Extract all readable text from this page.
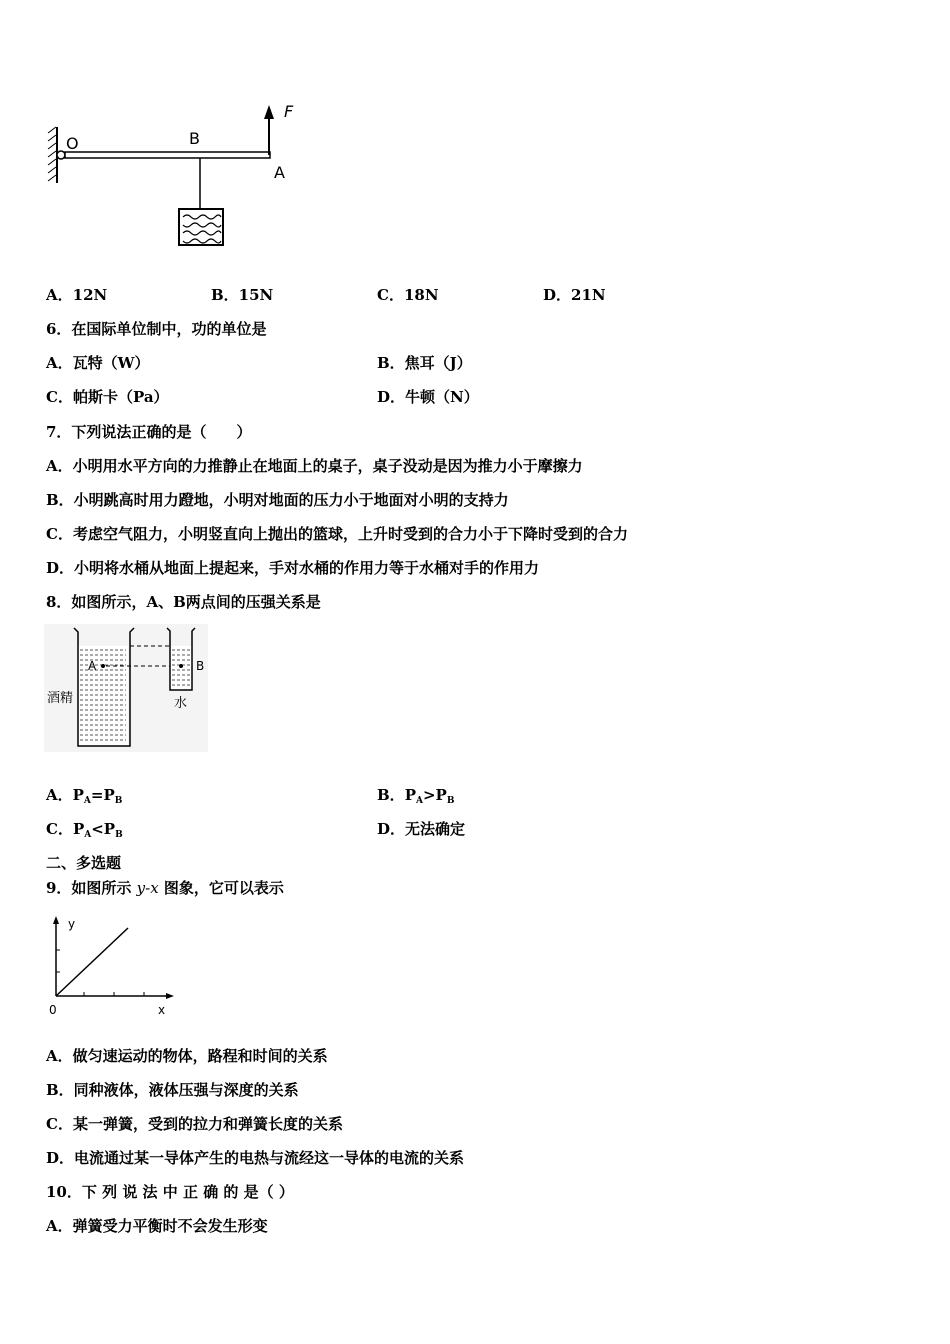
O	B
A
F
A．12N	B．15N	C．18N	D．21N
6．在国际单位制中，功的单位是
A．瓦特（W）	B．焦耳（J）
C．帕斯卡（Pa）	D．牛顿（N）
7．下列说法正确的是（　　）
A．小明用水平方向的力推静止在地面上的桌子，桌子没动是因为推力小于摩擦力
B．小明跳高时用力蹬地，小明对地面的压力小于地面对小明的支持力
C．考虑空气阻力，小明竖直向上抛出的篮球，上升时受到的合力小于下降时受到的合力
D．小明将水桶从地面上提起来，手对水桶的作用力等于水桶对手的作用力
8．如图所示，A、B两点间的压强关系是
A	B
酒精	水
A．$P_A=P_B$	B．$P_A>P_B$
C．$P_A<P_B$	D．无法确定
二、多选题
9．如图所示 y-x 图象，它可以表示
y
x
0
A．做匀速运动的物体，路程和时间的关系
B．同种液体，液体压强与深度的关系
C．某一弹簧，受到的拉力和弹簧长度的关系
D．电流通过某一导体产生的电热与流经这一导体的电流的关系
10．下 列 说 法 中 正 确 的 是（ ）
A．弹簧受力平衡时不会发生形变
